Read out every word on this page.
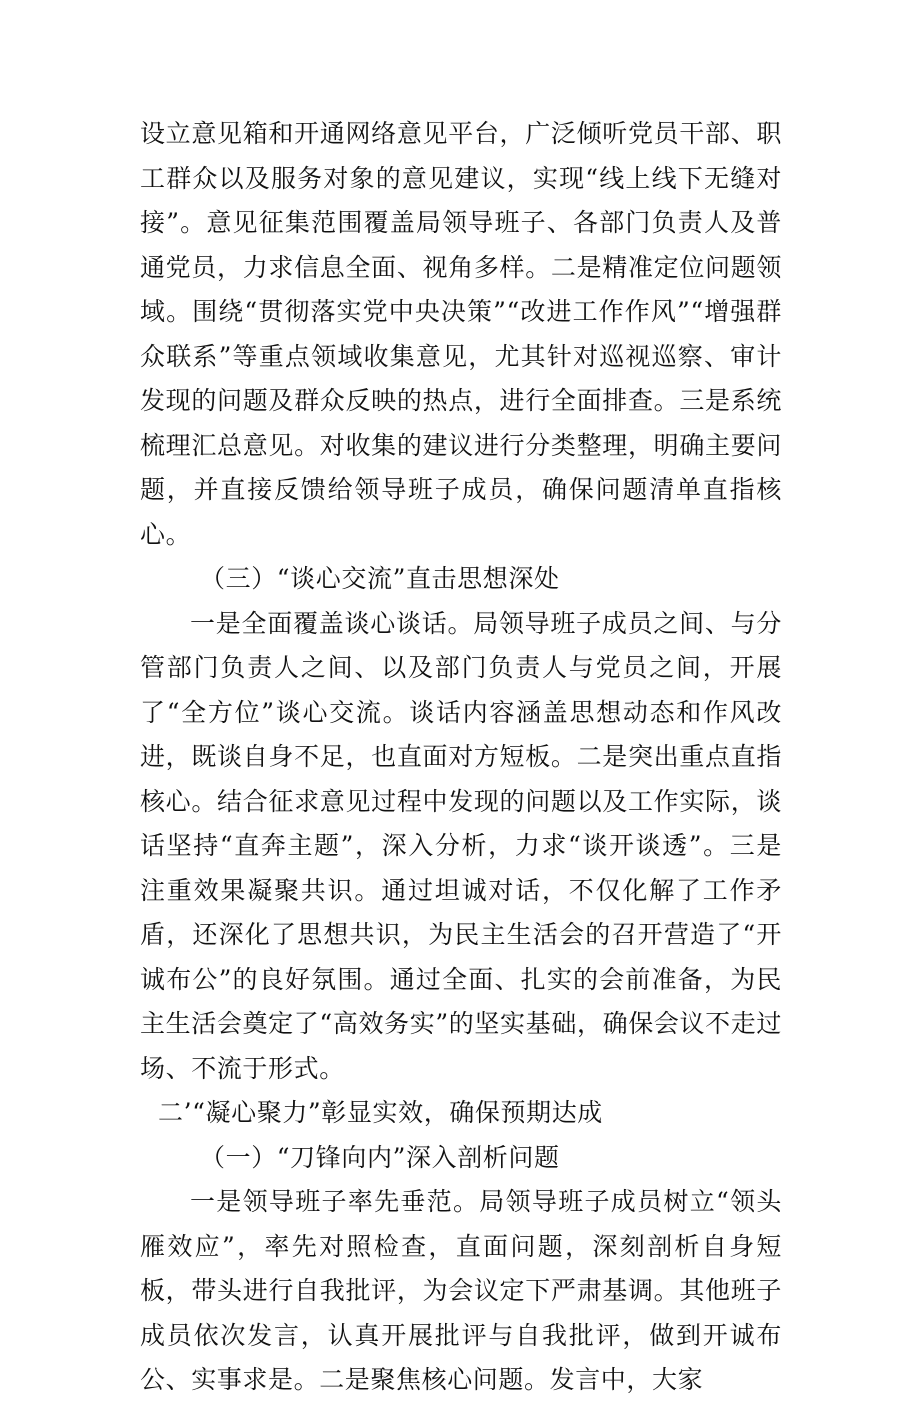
设立意见箱和开通网络意见平台，广泛倾听党员干部、职工群众以及服务对象的意见建议，实现“线上线下无缝对接”。意见征集范围覆盖局领导班子、各部门负责人及普通党员，力求信息全面、视角多样。二是精准定位问题领域。围绕“贯彻落实党中央决策”“改进工作作风”“增强群众联系”等重点领域收集意见，尤其针对巡视巡察、审计发现的问题及群众反映的热点，进行全面排查。三是系统梳理汇总意见。对收集的建议进行分类整理，明确主要问题，并直接反馈给领导班子成员，确保问题清单直指核心。

（三）“谈心交流”直击思想深处

一是全面覆盖谈心谈话。局领导班子成员之间、与分管部门负责人之间、以及部门负责人与党员之间，开展了“全方位”谈心交流。谈话内容涵盖思想动态和作风改进，既谈自身不足，也直面对方短板。二是突出重点直指核心。结合征求意见过程中发现的问题以及工作实际，谈话坚持“直奔主题”，深入分析，力求“谈开谈透”。三是注重效果凝聚共识。通过坦诚对话，不仅化解了工作矛盾，还深化了思想共识，为民主生活会的召开营造了“开诚布公”的良好氛围。通过全面、扎实的会前准备，为民主生活会奠定了“高效务实”的坚实基础，确保会议不走过场、不流于形式。

二’“凝心聚力”彰显实效，确保预期达成

（一）“刀锋向内”深入剖析问题

一是领导班子率先垂范。局领导班子成员树立“领头雁效应”，率先对照检查，直面问题，深刻剖析自身短板，带头进行自我批评，为会议定下严肃基调。其他班子成员依次发言，认真开展批评与自我批评，做到开诚布公、实事求是。二是聚焦核心问题。发言中，大家
